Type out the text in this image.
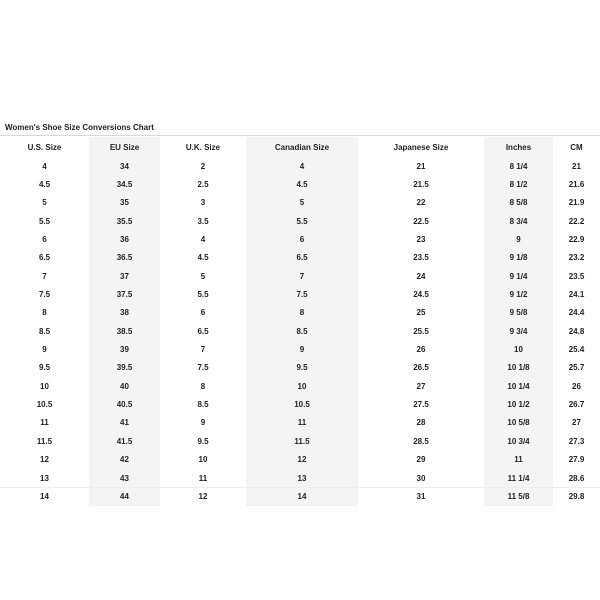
Women's Shoe Size Conversions Chart
U.S. Size	EU Size	U.K. Size	Canadian Size	Japanese Size	Inches	CM
4	34	2	4	21	8 1/4	21
4.5	34.5	2.5	4.5	21.5	8 1/2	21.6
5	35	3	5	22	8 5/8	21.9
5.5	35.5	3.5	5.5	22.5	8 3/4	22.2
6	36	4	6	23	9	22.9
6.5	36.5	4.5	6.5	23.5	9 1/8	23.2
7	37	5	7	24	9 1/4	23.5
7.5	37.5	5.5	7.5	24.5	9 1/2	24.1
8	38	6	8	25	9 5/8	24.4
8.5	38.5	6.5	8.5	25.5	9 3/4	24.8
9	39	7	9	26	10	25.4
9.5	39.5	7.5	9.5	26.5	10 1/8	25.7
10	40	8	10	27	10 1/4	26
10.5	40.5	8.5	10.5	27.5	10 1/2	26.7
11	41	9	11	28	10 5/8	27
11.5	41.5	9.5	11.5	28.5	10 3/4	27.3
12	42	10	12	29	11	27.9
13	43	11	13	30	11 1/4	28.6
14	44	12	14	31	11 5/8	29.8
